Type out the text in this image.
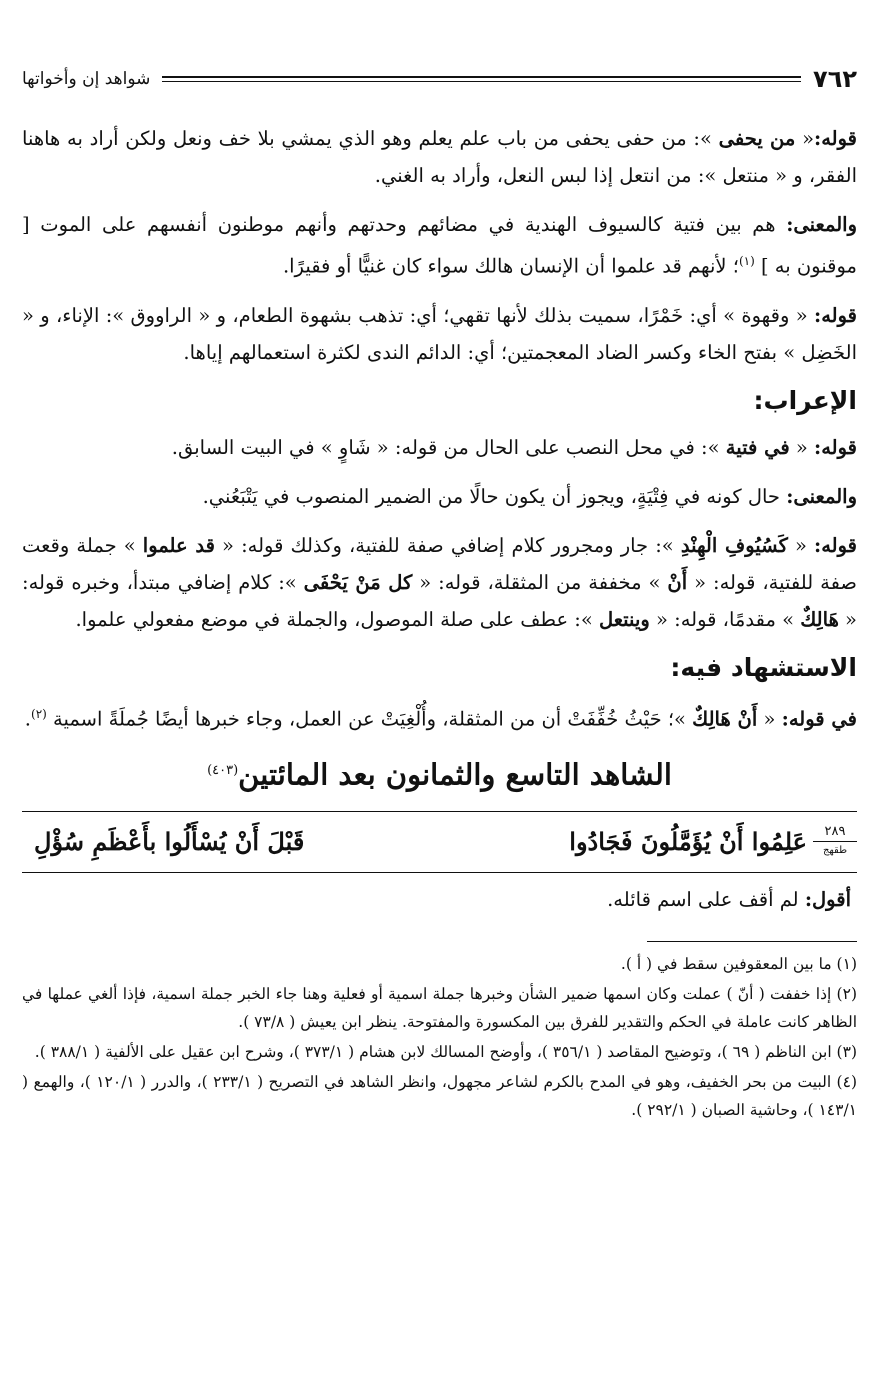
٧٦٢
شواهد إن وأخواتها

قوله:« من يحفى »: من حفى يحفى من باب علم يعلم وهو الذي يمشي بلا خف ونعل ولكن أراد به هاهنا الفقر، و « منتعل »: من انتعل إذا لبس النعل، وأراد به الغني.

والمعنى: هم بين فتية كالسيوف الهندية في مضائهم وحدتهم وأنهم موطنون أنفسهم على الموت [ موقنون به ] $^{(١)}$؛ لأنهم قد علموا أن الإنسان هالك سواء كان غنيًّا أو فقيرًا.

قوله: « وقهوة » أي: خَمْرًا، سميت بذلك لأنها تقهي؛ أي: تذهب بشهوة الطعام، و « الراووق »: الإناء، و « الخَضِل » بفتح الخاء وكسر الضاد المعجمتين؛ أي: الدائم الندى لكثرة استعمالهم إياها.

الإعراب:

قوله: « في فتية »: في محل النصب على الحال من قوله: « شَاوٍ » في البيت السابق.

والمعنى: حال كونه في فِتْيَةٍ، ويجوز أن يكون حالًا من الضمير المنصوب في يَتْبَعُني.

قوله: « كَسُيُوفِ الْهِنْدِ »: جار ومجرور كلام إضافي صفة للفتية، وكذلك قوله: « قد علموا » جملة وقعت صفة للفتية، قوله: « أَنْ » مخففة من المثقلة، قوله: « كل مَنْ يَحْفَى »: كلام إضافي مبتدأ، وخبره قوله: « هَالِكٌ » مقدمًا، قوله: « وينتعل »: عطف على صلة الموصول، والجملة في موضع مفعولي علموا.

الاستشهاد فيه:

في قوله: « أَنْ هَالِكٌ »؛ حَيْثُ خُفِّفَتْ أن من المثقلة، وأُلْغِيَتْ عن العمل، وجاء خبرها أيضًا جُملَةً اسمية $^{(٢)}$.

الشاهد التاسع والثمانون بعد المائتين$^{(٤٠٣)}$
٢٨٩
طقهج
عَلِمُوا أَنْ يُؤَمَّلُونَ فَجَادُوا
قَبْلَ أَنْ يُسْأَلُوا بأَعْظَمِ سُؤْلِ

أقول: لم أقف على اسم قائله.

(١) ما بين المعقوفين سقط في ( أ ).
(٢) إذا خففت ( أنّ ) عملت وكان اسمها ضمير الشأن وخبرها جملة اسمية أو فعلية وهنا جاء الخبر جملة اسمية، فإذا ألغي عملها في الظاهر كانت عاملة في الحكم والتقدير للفرق بين المكسورة والمفتوحة. ينظر ابن يعيش ( ٧٣/٨ ).
(٣) ابن الناظم ( ٦٩ )، وتوضيح المقاصد ( ٣٥٦/١ )، وأوضح المسالك لابن هشام ( ٣٧٣/١ )، وشرح ابن عقيل على الألفية ( ٣٨٨/١ ).
(٤) البيت من بحر الخفيف، وهو في المدح بالكرم لشاعر مجهول، وانظر الشاهد في التصريح ( ٢٣٣/١ )، والدرر ( ١٢٠/١ )، والهمع ( ١٤٣/١ )، وحاشية الصبان ( ٢٩٢/١ ).
